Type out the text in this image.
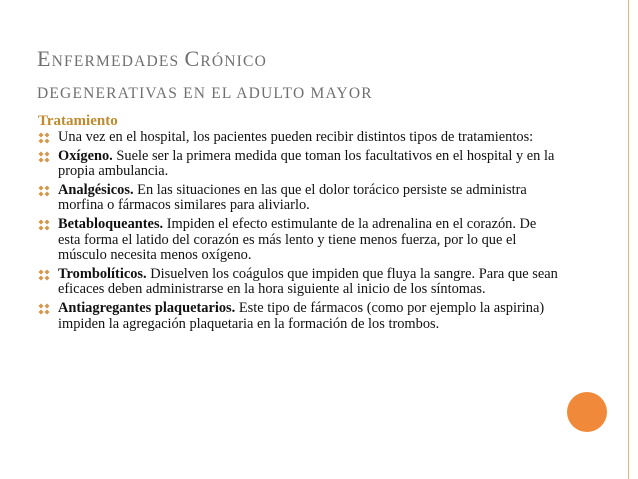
ENFERMEDADES CRÓNICO
DEGENERATIVAS EN EL ADULTO MAYOR
Tratamiento
Una vez en el hospital, los pacientes pueden recibir distintos tipos de tratamientos:
Oxígeno. Suele ser la primera medida que toman los facultativos en el hospital y en la propia ambulancia.
Analgésicos. En las situaciones en las que el dolor torácico persiste se administra morfina o fármacos similares para aliviarlo.
Betabloqueantes. Impiden el efecto estimulante de la adrenalina en el corazón. De esta forma el latido del corazón es más lento y tiene menos fuerza, por lo que el músculo necesita menos oxígeno.
Trombolíticos. Disuelven los coágulos que impiden que fluya la sangre. Para que sean eficaces deben administrarse en la hora siguiente al inicio de los síntomas.
Antiagregantes plaquetarios. Este tipo de fármacos (como por ejemplo la aspirina) impiden la agregación plaquetaria en la formación de los trombos.
